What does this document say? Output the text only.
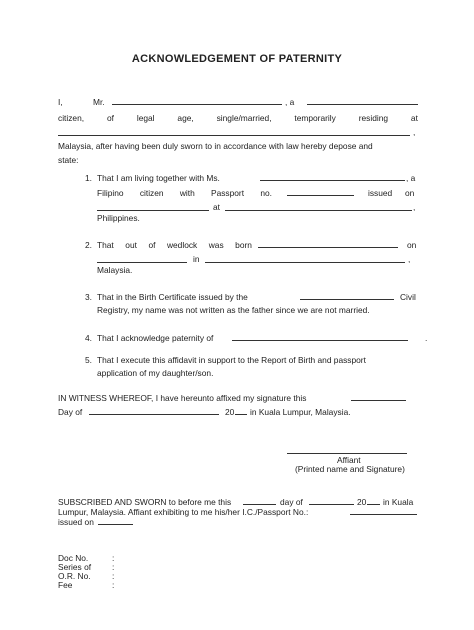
ACKNOWLEDGEMENT OF PATERNITY
I,	Mr.	, a
citizen,	of	legal	age,	single/married,	temporarily	residing	at
,
Malaysia, after having been duly sworn to in accordance with law hereby depose and
state:
1. That I am living together with Ms.	, a
Filipino citizen with Passport no.	issued on
at	,
Philippines.
2. That out of wedlock was born	on
in	,
Malaysia.
3. That in the Birth Certificate issued by the	Civil
Registry, my name was not written as the father since we are not married.
4. That I acknowledge paternity of	.
5. That I execute this affidavit in support to the Report of Birth and passport
application of my daughter/son.
IN WITNESS WHEREOF, I have hereunto affixed my signature this
Day of	20 in Kuala Lumpur, Malaysia.
Affiant
(Printed name and Signature)
SUBSCRIBED AND SWORN to before me this	day of	20 in Kuala
Lumpur, Malaysia. Affiant exhibiting to me his/her I.C./Passport No.:
issued on
Doc No.	:
Series of :
O.R. No.	:
Fee	:
